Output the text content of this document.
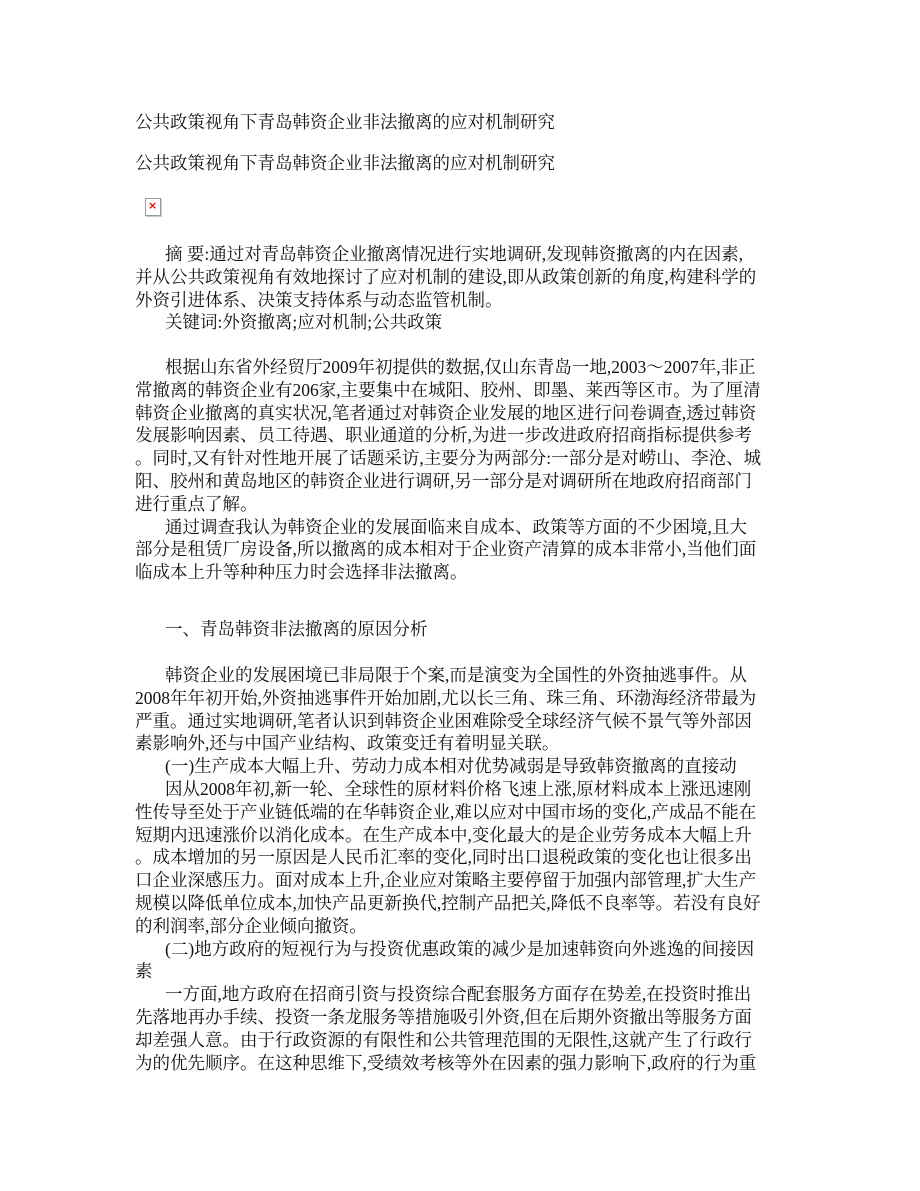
公共政策视角下青岛韩资企业非法撤离的应对机制研究
公共政策视角下青岛韩资企业非法撤离的应对机制研究
×
摘 要:通过对青岛韩资企业撤离情况进行实地调研,发现韩资撤离的内在因素,
并从公共政策视角有效地探讨了应对机制的建设,即从政策创新的角度,构建科学的
外资引进体系、决策支持体系与动态监管机制。
关键词:外资撤离;应对机制;公共政策
根据山东省外经贸厅2009年初提供的数据,仅山东青岛一地,2003～2007年,非正
常撤离的韩资企业有206家,主要集中在城阳、胶州、即墨、莱西等区市。为了厘清
韩资企业撤离的真实状况,笔者通过对韩资企业发展的地区进行问卷调查,透过韩资
发展影响因素、员工待遇、职业通道的分析,为进一步改进政府招商指标提供参考
。同时,又有针对性地开展了话题采访,主要分为两部分:一部分是对崂山、李沧、城
阳、胶州和黄岛地区的韩资企业进行调研,另一部分是对调研所在地政府招商部门
进行重点了解。
通过调查我认为韩资企业的发展面临来自成本、政策等方面的不少困境,且大
部分是租赁厂房设备,所以撤离的成本相对于企业资产清算的成本非常小,当他们面
临成本上升等种种压力时会选择非法撤离。
一、青岛韩资非法撤离的原因分析
韩资企业的发展困境已非局限于个案,而是演变为全国性的外资抽逃事件。从
2008年年初开始,外资抽逃事件开始加剧,尤以长三角、珠三角、环渤海经济带最为
严重。通过实地调研,笔者认识到韩资企业困难除受全球经济气候不景气等外部因
素影响外,还与中国产业结构、政策变迁有着明显关联。
(一)生产成本大幅上升、劳动力成本相对优势减弱是导致韩资撤离的直接动
因从2008年初,新一轮、全球性的原材料价格飞速上涨,原材料成本上涨迅速刚
性传导至处于产业链低端的在华韩资企业,难以应对中国市场的变化,产成品不能在
短期内迅速涨价以消化成本。在生产成本中,变化最大的是企业劳务成本大幅上升
。成本增加的另一原因是人民币汇率的变化,同时出口退税政策的变化也让很多出
口企业深感压力。面对成本上升,企业应对策略主要停留于加强内部管理,扩大生产
规模以降低单位成本,加快产品更新换代,控制产品把关,降低不良率等。若没有良好
的利润率,部分企业倾向撤资。
(二)地方政府的短视行为与投资优惠政策的减少是加速韩资向外逃逸的间接因
素
一方面,地方政府在招商引资与投资综合配套服务方面存在势差,在投资时推出
先落地再办手续、投资一条龙服务等措施吸引外资,但在后期外资撤出等服务方面
却差强人意。由于行政资源的有限性和公共管理范围的无限性,这就产生了行政行
为的优先顺序。在这种思维下,受绩效考核等外在因素的强力影响下,政府的行为重
